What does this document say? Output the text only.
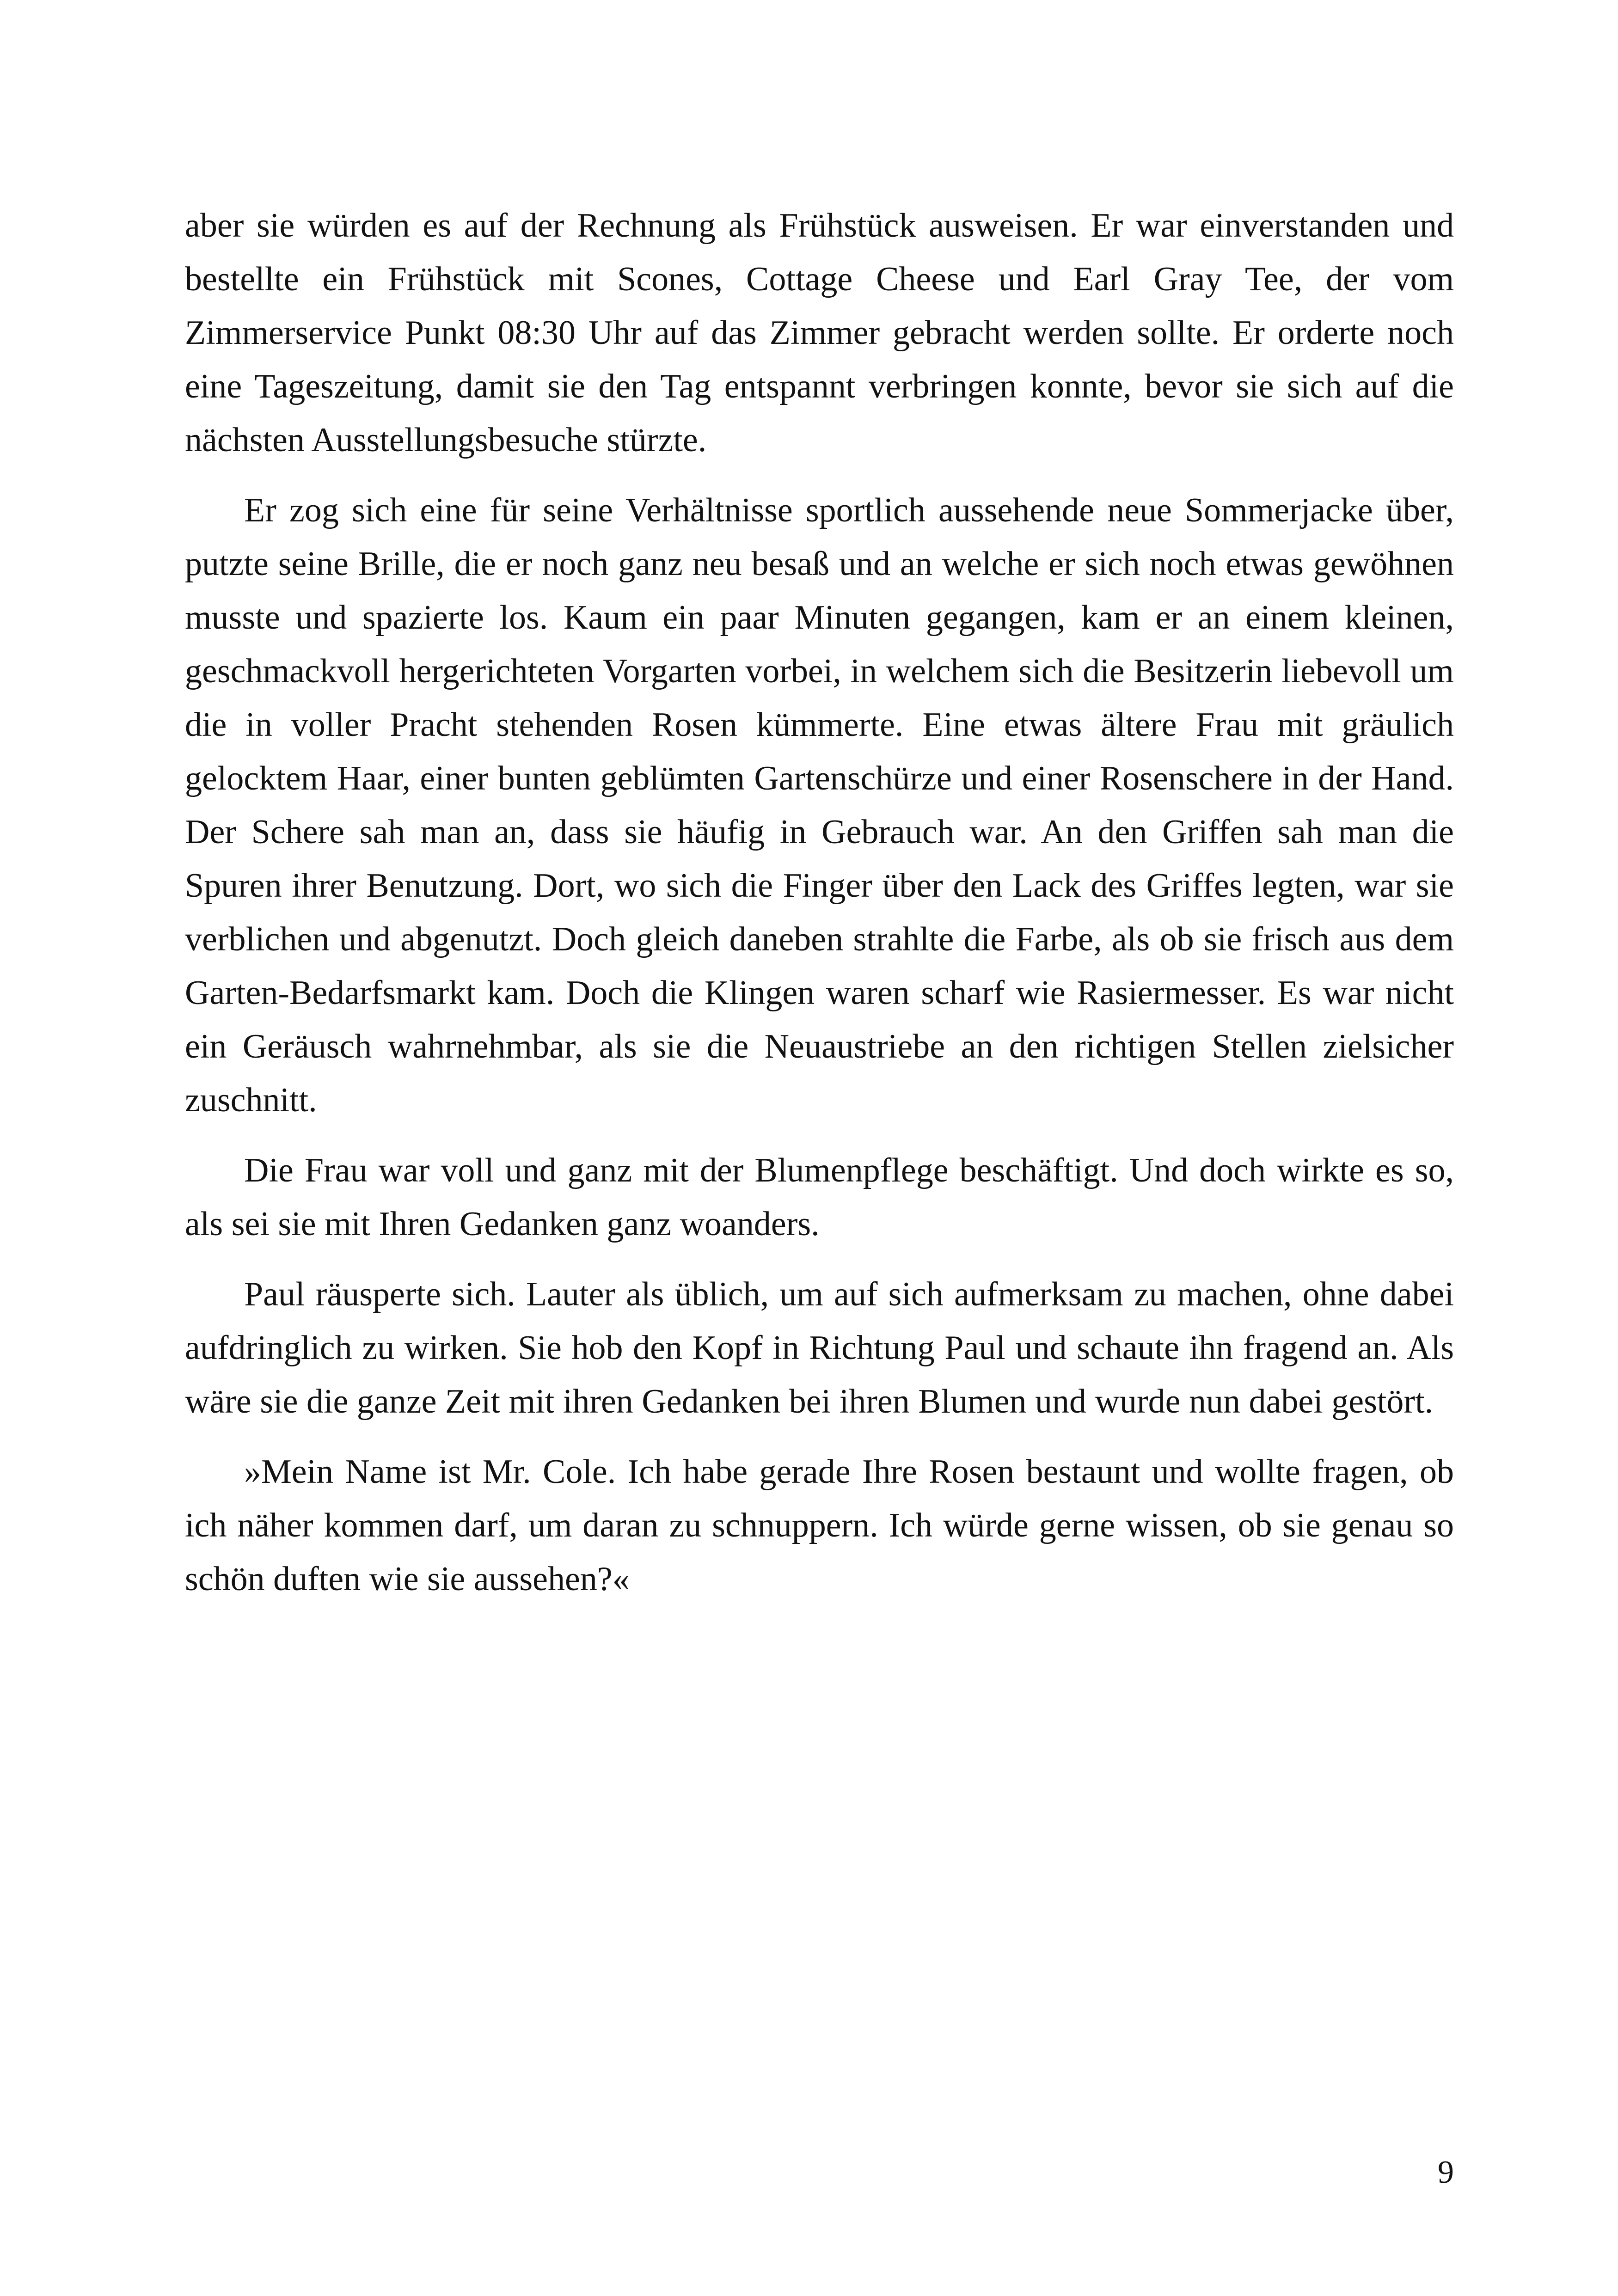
aber sie würden es auf der Rechnung als Frühstück ausweisen. Er war einverstanden und bestellte ein Frühstück mit Scones, Cottage Cheese und Earl Gray Tee, der vom Zimmerservice Punkt 08:30 Uhr auf das Zimmer gebracht werden sollte. Er orderte noch eine Tageszeitung, damit sie den Tag entspannt verbringen konnte, bevor sie sich auf die nächsten Ausstellungsbesuche stürzte.

Er zog sich eine für seine Verhältnisse sportlich aussehende neue Sommerjacke über, putzte seine Brille, die er noch ganz neu besaß und an welche er sich noch etwas gewöhnen musste und spazierte los. Kaum ein paar Minuten gegangen, kam er an einem kleinen, geschmackvoll hergerichteten Vorgarten vorbei, in welchem sich die Besitzerin liebevoll um die in voller Pracht stehenden Rosen kümmerte. Eine etwas ältere Frau mit gräulich gelocktem Haar, einer bunten geblümten Gartenschürze und einer Rosenschere in der Hand. Der Schere sah man an, dass sie häufig in Gebrauch war. An den Griffen sah man die Spuren ihrer Benutzung. Dort, wo sich die Finger über den Lack des Griffes legten, war sie verblichen und abgenutzt. Doch gleich daneben strahlte die Farbe, als ob sie frisch aus dem Garten-Bedarfsmarkt kam. Doch die Klingen waren scharf wie Rasiermesser. Es war nicht ein Geräusch wahrnehmbar, als sie die Neuaustriebe an den richtigen Stellen zielsicher zuschnitt.

Die Frau war voll und ganz mit der Blumenpflege beschäftigt. Und doch wirkte es so, als sei sie mit Ihren Gedanken ganz woanders.

Paul räusperte sich. Lauter als üblich, um auf sich aufmerksam zu machen, ohne dabei aufdringlich zu wirken. Sie hob den Kopf in Richtung Paul und schaute ihn fragend an. Als wäre sie die ganze Zeit mit ihren Gedanken bei ihren Blumen und wurde nun dabei gestört.

»Mein Name ist Mr. Cole. Ich habe gerade Ihre Rosen bestaunt und wollte fragen, ob ich näher kommen darf, um daran zu schnuppern. Ich würde gerne wissen, ob sie genau so schön duften wie sie aussehen?«

9
